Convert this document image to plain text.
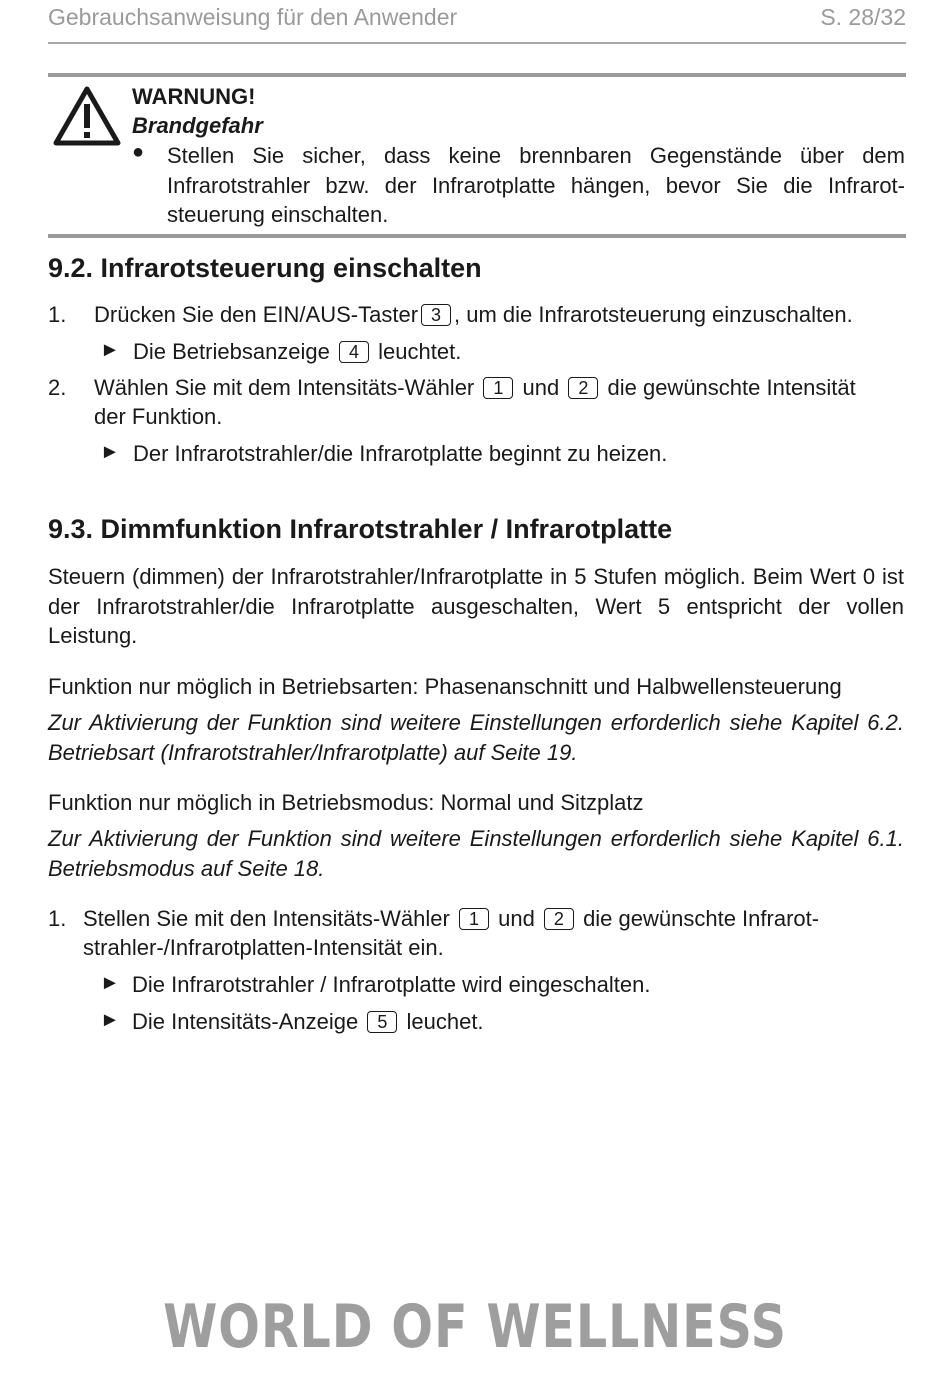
Gebrauchsanweisung für den Anwender	S. 28/32
WARNUNG!
Brandgefahr
● Stellen Sie sicher, dass keine brennbaren Gegenstände über dem Infrarotstrahler bzw. der Infrarotplatte hängen, bevor Sie die Infrarotsteuerung einschalten.
9.2. Infrarotsteuerung einschalten
1. Drücken Sie den EIN/AUS-Taster 3 , um die Infrarotsteuerung einzuschalten.
► Die Betriebsanzeige 4 leuchtet.
2. Wählen Sie mit dem Intensitäts-Wähler 1 und 2 die gewünschte Intensität
der Funktion.
► Der Infrarotstrahler/die Infrarotplatte beginnt zu heizen.
9.3. Dimmfunktion Infrarotstrahler / Infrarotplatte
Steuern (dimmen) der Infrarotstrahler/Infrarotplatte in 5 Stufen möglich. Beim Wert 0 ist der Infrarotstrahler/die Infrarotplatte ausgeschalten, Wert 5 entspricht der vollen Leistung.
Funktion nur möglich in Betriebsarten: Phasenanschnitt und Halbwellensteuerung
Zur Aktivierung der Funktion sind weitere Einstellungen erforderlich siehe Kapitel 6.2. Betriebsart (Infrarotstrahler/Infrarotplatte) auf Seite 19.
Funktion nur möglich in Betriebsmodus: Normal und Sitzplatz
Zur Aktivierung der Funktion sind weitere Einstellungen erforderlich siehe Kapitel 6.1. Betriebsmodus auf Seite 18.
1. Stellen Sie mit den Intensitäts-Wähler 1 und 2 die gewünschte Infrarot-
strahler-/Infrarotplatten-Intensität ein.
► Die Infrarotstrahler / Infrarotplatte wird eingeschalten.
► Die Intensitäts-Anzeige 5 leuchet.
WORLD OF WELLNESS
